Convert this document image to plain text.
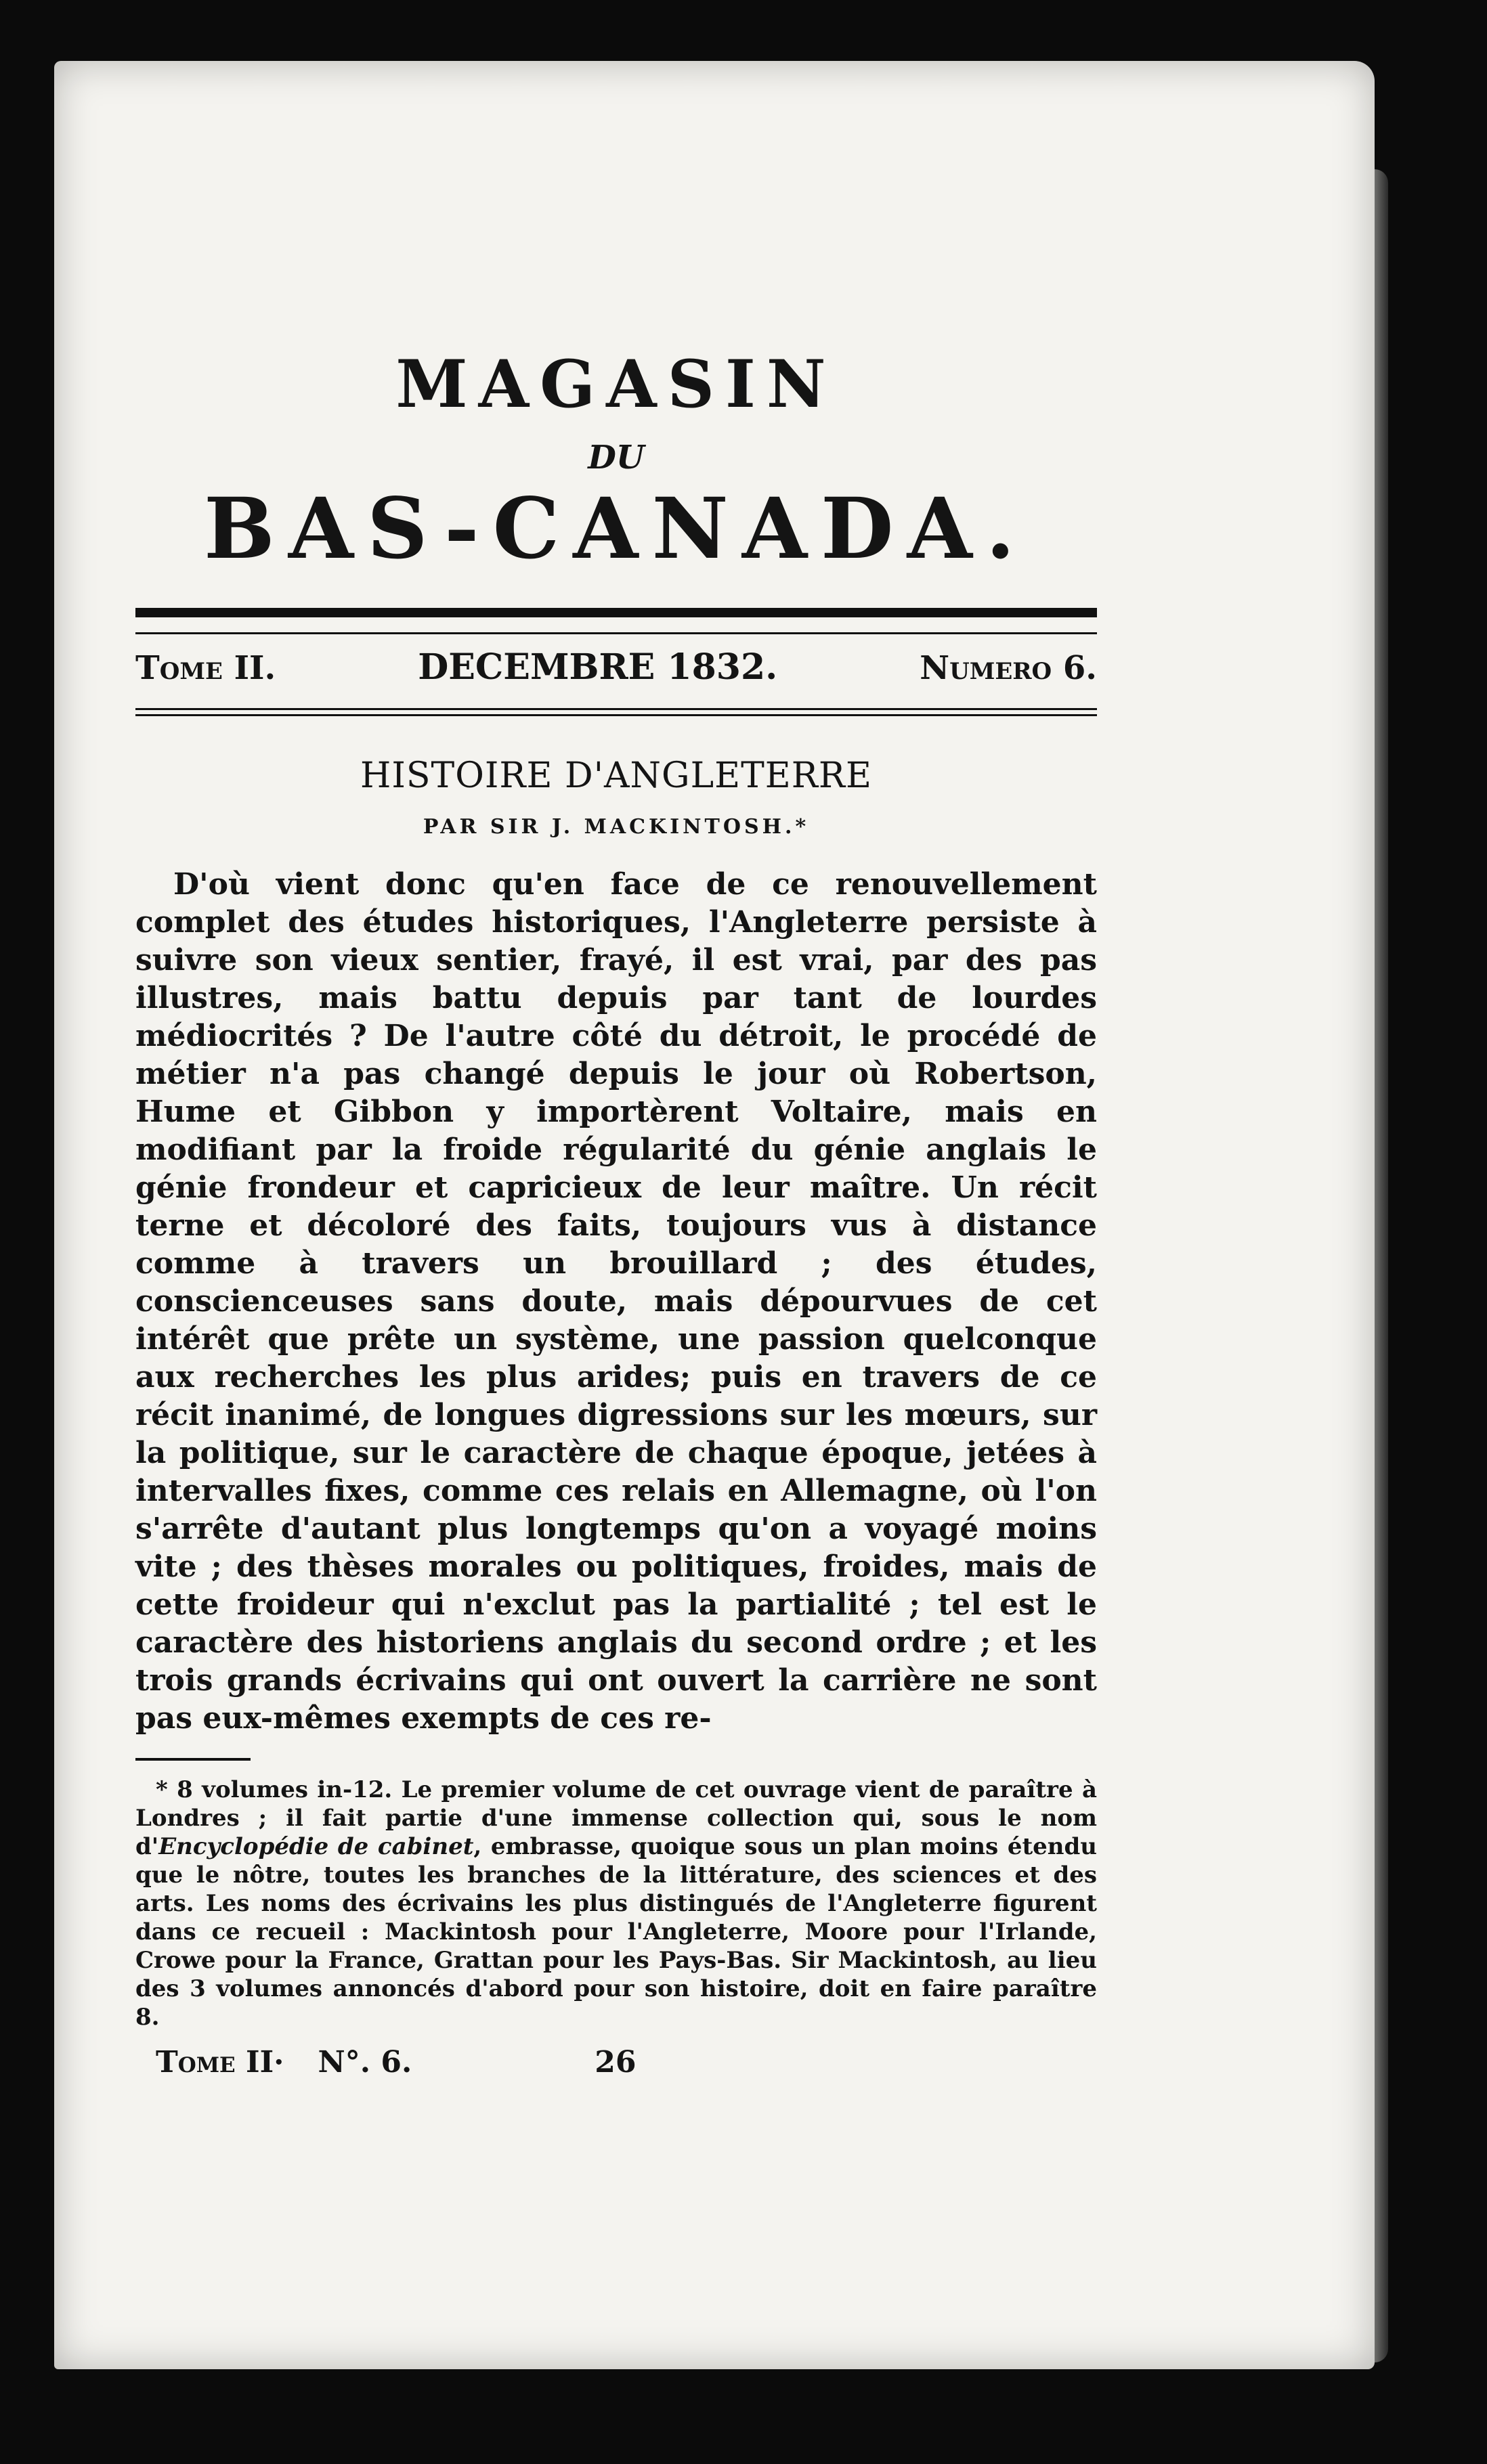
MAGASIN
DU
BAS-CANADA.
Tome II.	DECEMBRE 1832.	Numero 6.
HISTOIRE D'ANGLETERRE
PAR SIR J. MACKINTOSH.*

D'où vient donc qu'en face de ce renouvellement complet des études historiques, l'Angleterre persiste à suivre son vieux sentier, frayé, il est vrai, par des pas illustres, mais battu depuis par tant de lourdes médiocrités ? De l'autre côté du détroit, le procédé de métier n'a pas changé depuis le jour où Robertson, Hume et Gibbon y importèrent Voltaire, mais en modifiant par la froide régularité du génie anglais le génie frondeur et capricieux de leur maître. Un récit terne et décoloré des faits, toujours vus à distance comme à travers un brouillard ; des études, conscienceuses sans doute, mais dépourvues de cet intérêt que prête un système, une passion quelconque aux recherches les plus arides; puis en travers de ce récit inanimé, de longues digressions sur les mœurs, sur la politique, sur le caractère de chaque époque, jetées à intervalles fixes, comme ces relais en Allemagne, où l'on s'arrête d'autant plus longtemps qu'on a voyagé moins vite ; des thèses morales ou politiques, froides, mais de cette froideur qui n'exclut pas la partialité ; tel est le caractère des historiens anglais du second ordre ; et les trois grands écrivains qui ont ouvert la carrière ne sont pas eux-mêmes exempts de ces re-

* 8 volumes in-12. Le premier volume de cet ouvrage vient de paraître à Londres ; il fait partie d'une immense collection qui, sous le nom d'Encyclopédie de cabinet, embrasse, quoique sous un plan moins étendu que le nôtre, toutes les branches de la littérature, des sciences et des arts. Les noms des écrivains les plus distingués de l'Angleterre figurent dans ce recueil : Mackintosh pour l'Angleterre, Moore pour l'Irlande, Crowe pour la France, Grattan pour les Pays-Bas. Sir Mackintosh, au lieu des 3 volumes annoncés d'abord pour son histoire, doit en faire paraître 8.

Tome II· N°. 6.	26
